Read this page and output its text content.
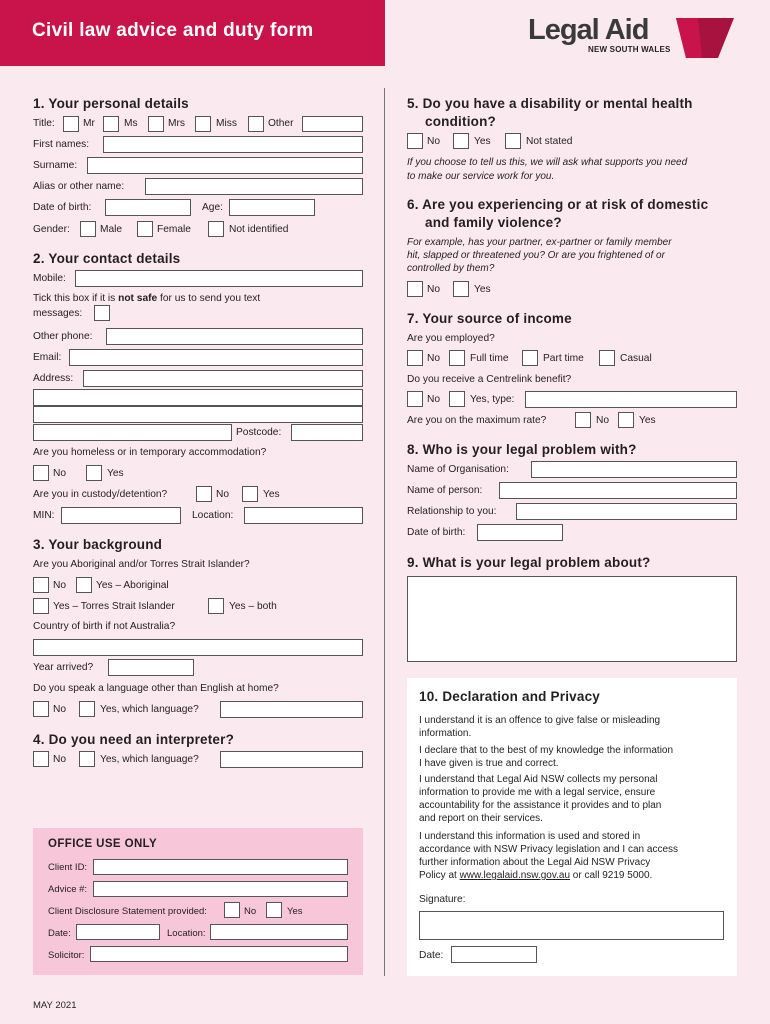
Civil law advice and duty form	Legal Aid
NEW SOUTH WALES
1. Your personal details
Title:	Mr	Ms	Mrs	Miss	Other
First names:
Surname:
Alias or other name:
Date of birth:	Age:
Gender:	Male	Female	Not identified
2. Your contact details
Mobile:
Tick this box if it is not safe for us to send you text
messages:
Other phone:
Email:
Address:
Postcode:
Are you homeless or in temporary accommodation?
No	Yes
Are you in custody/detention?	No	Yes
MIN:	Location:
3. Your background
Are you Aboriginal and/or Torres Strait Islander?
No	Yes – Aboriginal
Yes – Torres Strait Islander	Yes – both
Country of birth if not Australia?
Year arrived?
Do you speak a language other than English at home?
No	Yes, which language?
4. Do you need an interpreter?
No	Yes, which language?
OFFICE USE ONLY
Client ID:
Advice #:
Client Disclosure Statement provided:	No	Yes
Date:	Location:
Solicitor:
MAY 2021
5. Do you have a disability or mental health
condition?
No	Yes	Not stated
If you choose to tell us this, we will ask what supports you need
to make our service work for you.
6. Are you experiencing or at risk of domestic
and family violence?
For example, has your partner, ex-partner or family member
hit, slapped or threatened you? Or are you frightened of or
controlled by them?
No	Yes
7. Your source of income
Are you employed?
No	Full time	Part time	Casual
Do you receive a Centrelink benefit?
No	Yes, type:
Are you on the maximum rate?	No	Yes
8. Who is your legal problem with?
Name of Organisation:
Name of person:
Relationship to you:
Date of birth:
9. What is your legal problem about?
10. Declaration and Privacy
I understand it is an offence to give false or misleading
information.
I declare that to the best of my knowledge the information
I have given is true and correct.
I understand that Legal Aid NSW collects my personal
information to provide me with a legal service, ensure
accountability for the assistance it provides and to plan
and report on their services.
I understand this information is used and stored in
accordance with NSW Privacy legislation and I can access
further information about the Legal Aid NSW Privacy
Policy at www.legalaid.nsw.gov.au or call 9219 5000.
Signature:
Date:
